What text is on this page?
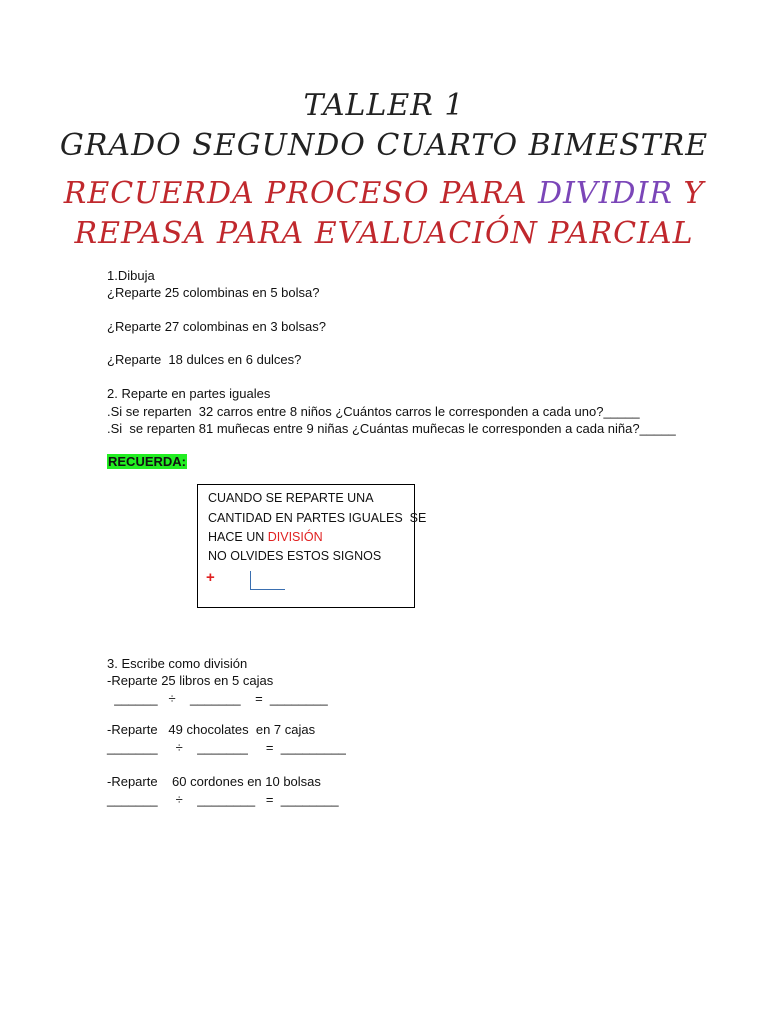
TALLER 1
GRADO SEGUNDO CUARTO BIMESTRE
RECUERDA PROCESO PARA DIVIDIR Y
REPASA PARA EVALUACIÓN PARCIAL
1.Dibuja
¿Reparte 25 colombinas en 5 bolsa?
¿Reparte 27 colombinas en 3 bolsas?
¿Reparte  18 dulces en 6 dulces?
2. Reparte en partes iguales
.Si se reparten  32 carros entre 8 niños ¿Cuántos carros le corresponden a cada uno?_____
.Si  se reparten 81 muñecas entre 9 niñas ¿Cuántas muñecas le corresponden a cada niña?_____
RECUERDA:
CUANDO SE REPARTE UNA
CANTIDAD EN PARTES IGUALES  SE
HACE UN DIVISIÓN
NO OLVIDES ESTOS SIGNOS
+
3. Escribe como división
-Reparte 25 libros en 5 cajas
______   ÷    _______    =  ________
-Reparte   49 chocolates  en 7 cajas
_______     ÷    _______     =  _________
-Reparte    60 cordones en 10 bolsas
_______     ÷    ________   =  ________
